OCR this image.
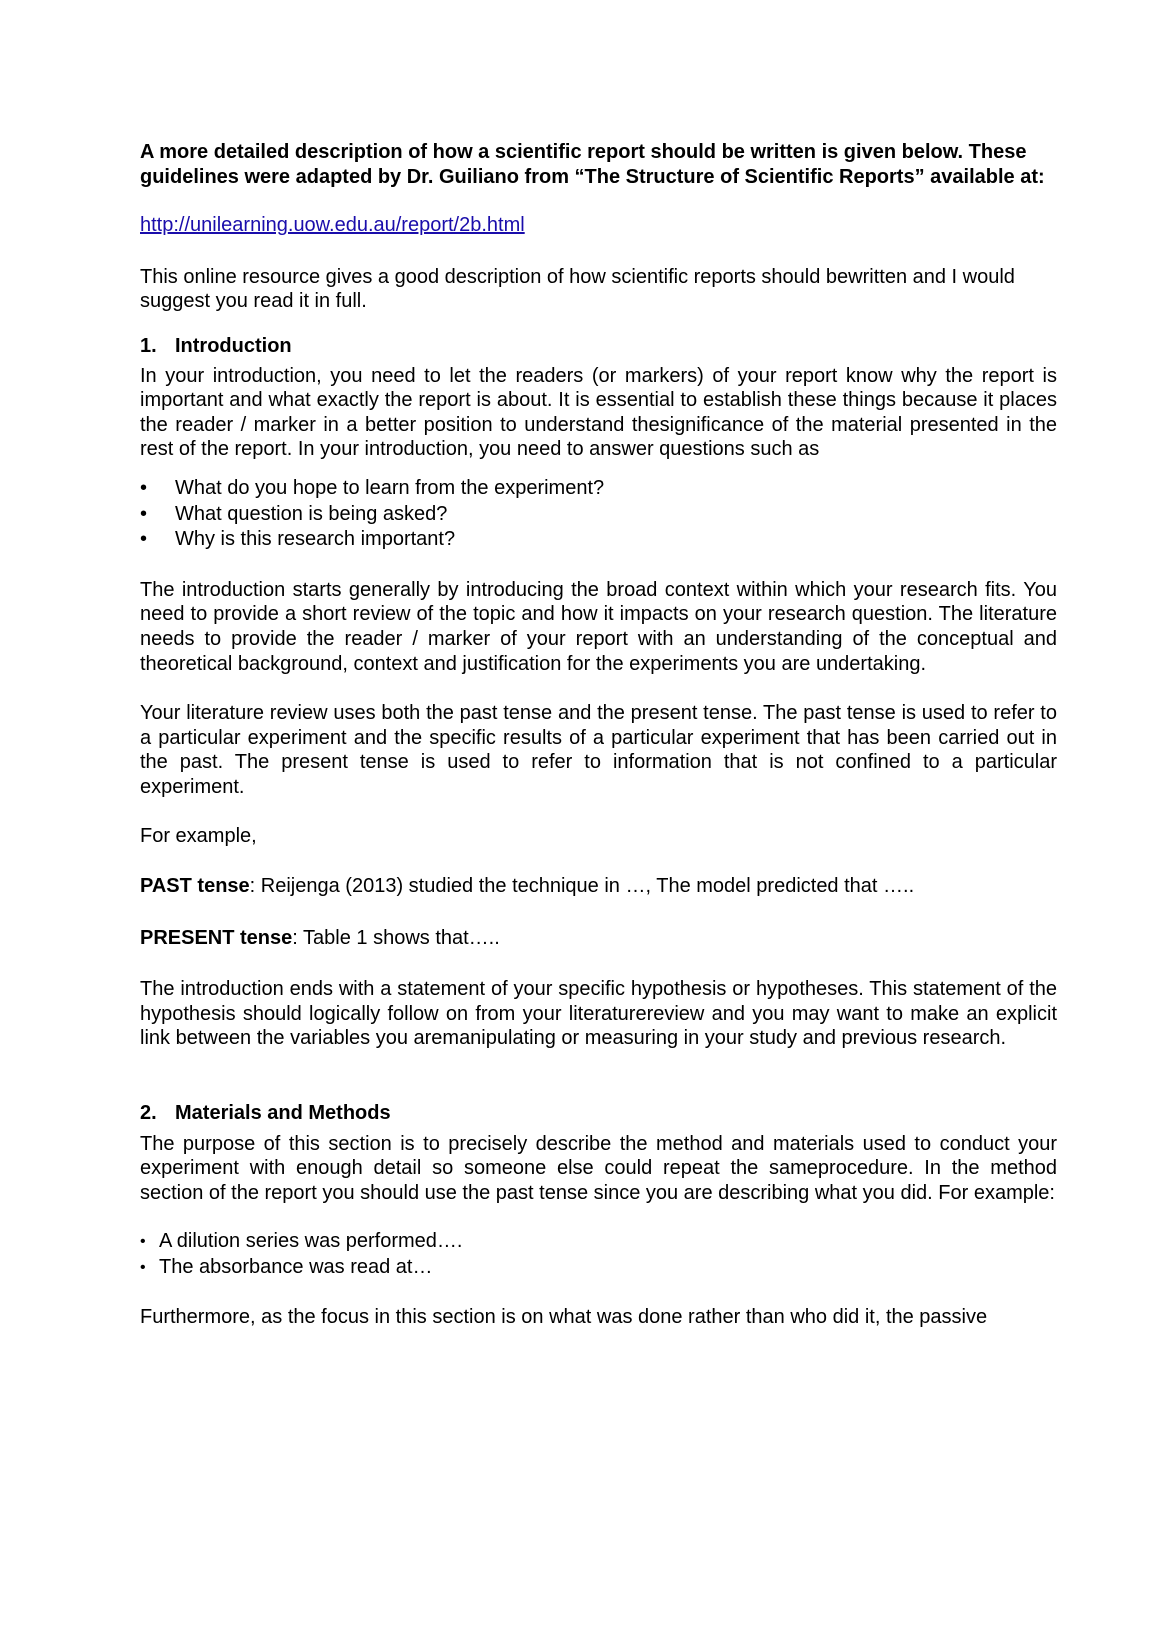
A more detailed description of how a scientific report should be written is given below. These guidelines were adapted by Dr. Guiliano from “The Structure of Scientific Reports” available at:

http://unilearning.uow.edu.au/report/2b.html

This online resource gives a good description of how scientific reports should bewritten and I would suggest you read it in full.

1. Introduction

In your introduction, you need to let the readers (or markers) of your report know why the report is important and what exactly the report is about. It is essential to establish these things because it places the reader / marker in a better position to understand thesignificance of the material presented in the rest of the report. In your introduction, you need to answer questions such as

• What do you hope to learn from the experiment?
• What question is being asked?
• Why is this research important?

The introduction starts generally by introducing the broad context within which your research fits. You need to provide a short review of the topic and how it impacts on your research question. The literature needs to provide the reader / marker of your report with an understanding of the conceptual and theoretical background, context and justification for the experiments you are undertaking.

Your literature review uses both the past tense and the present tense. The past tense is used to refer to a particular experiment and the specific results of a particular experiment that has been carried out in the past. The present tense is used to refer to information that is not confined to a particular experiment.

For example,

PAST tense: Reijenga (2013) studied the technique in …, The model predicted that …..

PRESENT tense: Table 1 shows that…..

The introduction ends with a statement of your specific hypothesis or hypotheses. This statement of the hypothesis should logically follow on from your literaturereview and you may want to make an explicit link between the variables you aremanipulating or measuring in your study and previous research.

2. Materials and Methods

The purpose of this section is to precisely describe the method and materials used to conduct your experiment with enough detail so someone else could repeat the sameprocedure. In the method section of the report you should use the past tense since you are describing what you did. For example:

• A dilution series was performed….
• The absorbance was read at…

Furthermore, as the focus in this section is on what was done rather than who did it, the passive
